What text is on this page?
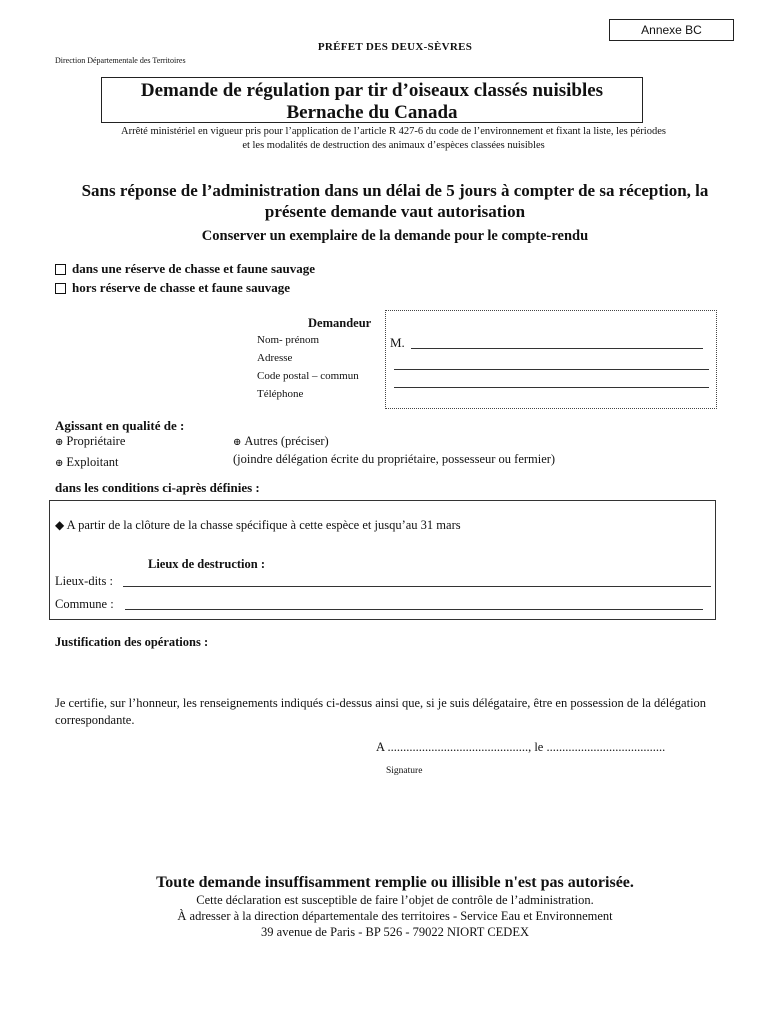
Annexe BC
PRÉFET DES DEUX-SÈVRES
Direction Départementale des Territoires
Demande de régulation par tir d’oiseaux classés nuisibles
Bernache du Canada
Arrêté ministériel en vigueur pris pour l’application de l’article R 427-6 du code de l’environnement et fixant la liste, les périodes
et les modalités de destruction des animaux d’espèces classées nuisibles
Sans réponse de l’administration dans un délai de 5 jours à compter de sa réception, la
présente demande vaut autorisation
Conserver un exemplaire de la demande pour le compte-rendu
dans une réserve de chasse et faune sauvage
hors réserve de chasse et faune sauvage
Demandeur
Nom- prénom
Adresse
Code postal – commun
Téléphone
M.
Agissant en qualité de :
⊕ Propriétaire
⊕ Exploitant
⊕ Autres (préciser)
(joindre délégation écrite du propriétaire, possesseur ou fermier)
dans les conditions ci-après définies :
◆ A partir de la clôture de la chasse spécifique à cette espèce et jusqu’au 31 mars
Lieux de destruction :
Lieux-dits :
Commune :
Justification des opérations :
Je certifie, sur l’honneur, les renseignements indiqués ci-dessus ainsi que, si je suis délégataire, être en possession de la délégation correspondante.
A ............................................., le ......................................
Signature
Toute demande insuffisamment remplie ou illisible n'est pas autorisée.
Cette déclaration est susceptible de faire l’objet de contrôle de l’administration.
À adresser à la direction départementale des territoires - Service Eau et Environnement
39 avenue de Paris - BP 526 - 79022 NIORT CEDEX
